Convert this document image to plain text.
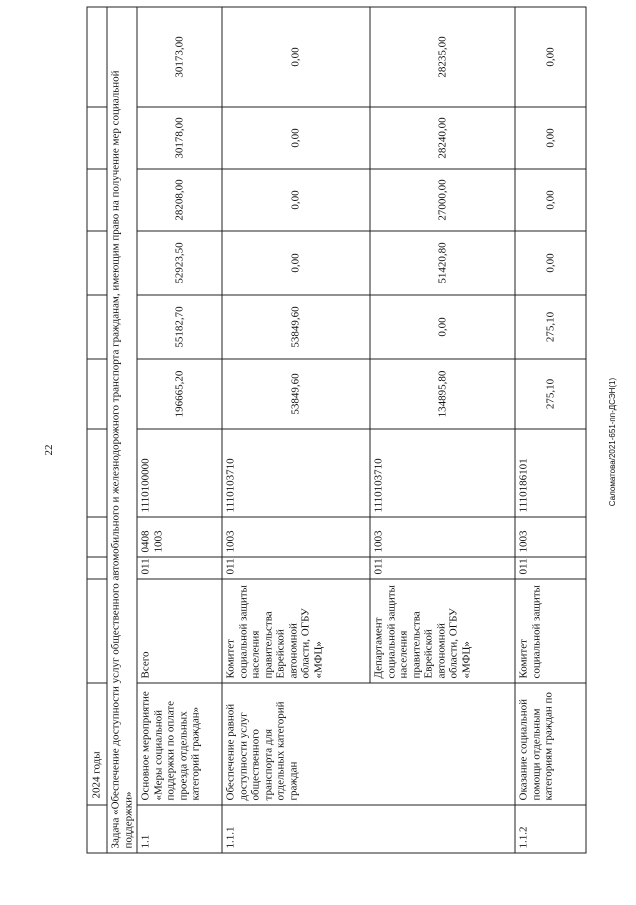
22	Саломатова/2021-651-пп-ДСЭН(1)
	2024 годы										
Задача «Обеспечение доступности услуг общественного автомобильного и железнодорожного транспорта гражданам, имеющим право на получение мер социальной поддержки»											
1.1	Основное мероприятие «Меры социальной поддержки по оплате проезда отдельных категорий граждан»	Всего	011	0408 1003	1110100000	196665,20	55182,70	52923,50	28208,00	30178,00	30173,00
1.1.1	Обеспечение равной доступности услуг общественного транспорта для отдельных категорий граждан	Комитет социальной защиты населения правительства Еврейской автономной области, ОГБУ «МФЦ»	011	1003	1110103710	53849,60	53849,60	0,00	0,00	0,00	0,00
		Департамент социальной защиты населения правительства Еврейской автономной области, ОГБУ «МФЦ»	011	1003	1110103710	134895,80	0,00	51420,80	27000,00	28240,00	28235,00
1.1.2	Оказание социальной помощи отдельным категориям граждан по	Комитет социальной защиты	011	1003	1110186101	275,10	275,10	0,00	0,00	0,00	0,00
